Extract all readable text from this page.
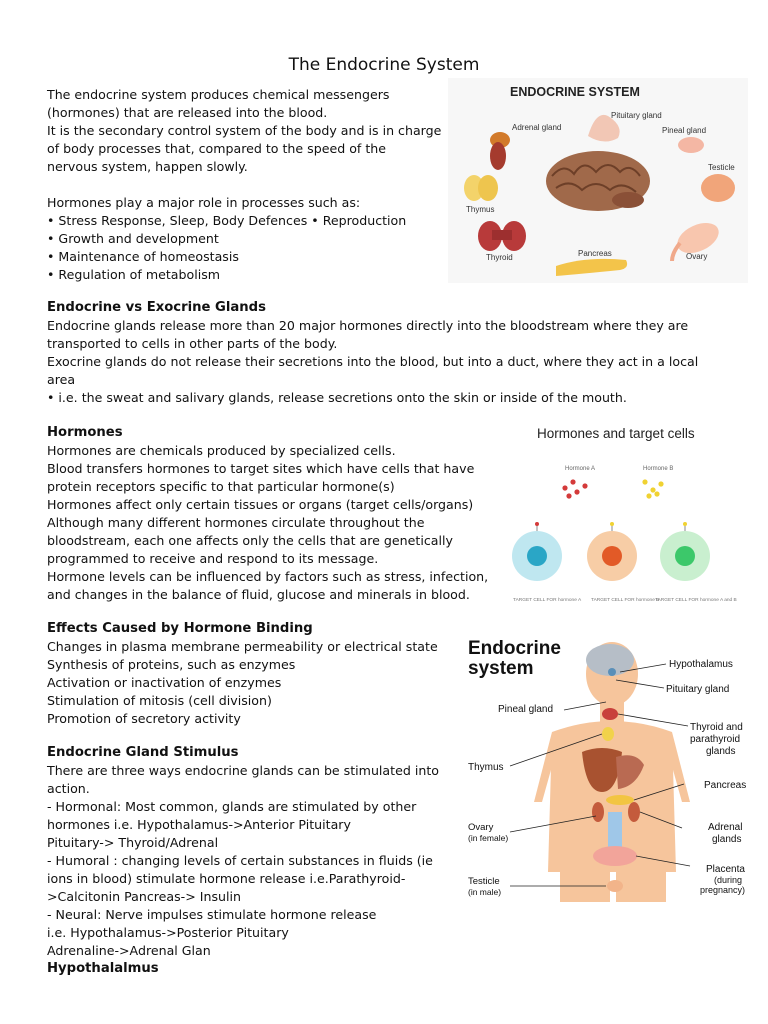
The Endocrine System

The endocrine system produces chemical messengers

(hormones) that are released into the blood.

It is the secondary control system of the body and is in charge

of body processes that, compared to the speed of the

nervous system, happen slowly.

Hormones play a major role in processes such as:

• Stress Response, Sleep, Body Defences • Reproduction

• Growth and development

• Maintenance of homeostasis

• Regulation of metabolism

Endocrine vs Exocrine Glands

Endocrine glands release more than 20 major hormones directly into the bloodstream where they are

transported to cells in other parts of the body.

Exocrine glands do not release their secretions into the blood, but into a duct, where they act in a local

area

• i.e. the sweat and salivary glands, release secretions onto the skin or inside of the mouth.

Hormones

Hormones are chemicals produced by specialized cells.

Blood transfers hormones to target sites which have cells that have

protein receptors specific to that particular hormone(s)

Hormones affect only certain tissues or organs (target cells/organs)

Although many different hormones circulate throughout the

bloodstream, each one affects only the cells that are genetically

programmed to receive and respond to its message.

Hormone levels can be influenced by factors such as stress, infection,

and changes in the balance of fluid, glucose and minerals in blood.

Effects Caused by Hormone Binding

Changes in plasma membrane permeability or electrical state

Synthesis of proteins, such as enzymes

Activation or inactivation of enzymes

Stimulation of mitosis (cell division)

Promotion of secretory activity

Endocrine Gland Stimulus

There are three ways endocrine glands can be stimulated into

action.

- Hormonal: Most common, glands are stimulated by other

hormones i.e. Hypothalamus->Anterior Pituitary

Pituitary-> Thyroid/Adrenal

- Humoral : changing levels of certain substances in fluids (ie

ions in blood) stimulate hormone release i.e.Parathyroid-

>Calcitonin Pancreas-> Insulin

- Neural: Nerve impulses stimulate hormone release

i.e. Hypothalamus->Posterior Pituitary

Adrenaline->Adrenal Glan

Hypothalalmus
ENDOCRINE SYSTEM
Adrenal gland
Pituitary gland
Pineal gland
Testicle
Thymus
Thyroid	Pancreas	Ovary
Hormones and target cells
Hormone A	Hormone B
TARGET CELL FOR hormone A TARGET CELL FOR hormone B
TARGET CELL FOR hormone A and B
Endocrine
system	Hypothalamus
Pituitary gland
Pineal gland
Thyroid and
parathyroid
glands
Thymus
Pancreas
Ovary
(in female)
Adrenal
glands
Placenta
(during
pregnancy)
Testicle
(in male)
